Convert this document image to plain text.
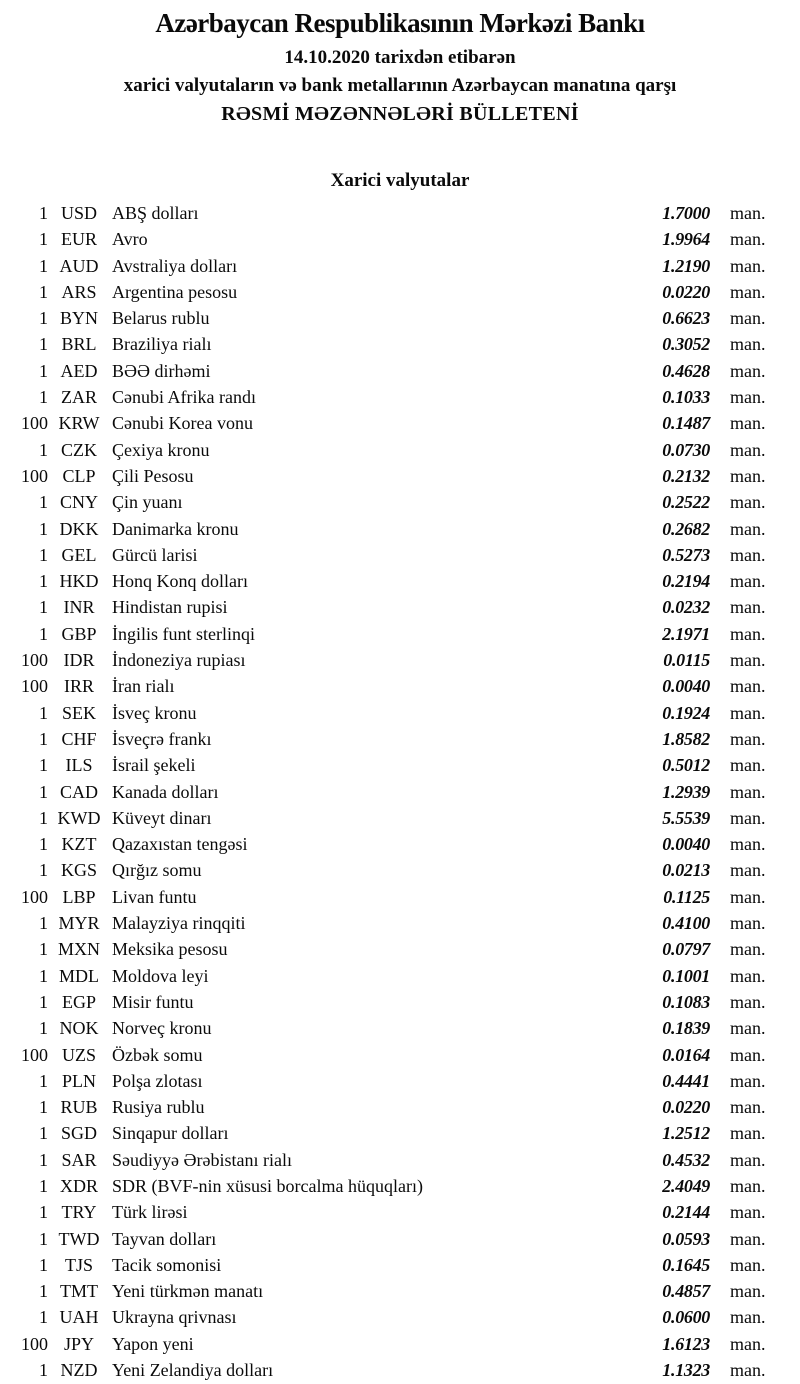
Azərbaycan Respublikasının Mərkəzi Bankı
14.10.2020 tarixdən etibarən
xarici valyutaların və bank metallarının Azərbaycan manatına qarşı
RƏSMİ MƏZƏNNƏLƏRİ BÜLLETENİ
Xarici valyutalar
1 USD ABŞ dolları	1.7000	man.
1 EUR Avro	1.9964	man.
1 AUD Avstraliya dolları	1.2190	man.
1 ARS Argentina pesosu	0.0220	man.
1 BYN Belarus rublu	0.6623	man.
1 BRL Braziliya rialı	0.3052	man.
1 AED BƏƏ dirhəmi	0.4628	man.
1 ZAR Cənubi Afrika randı	0.1033	man.
100 KRW Cənubi Korea vonu	0.1487	man.
1 CZK Çexiya kronu	0.0730	man.
100 CLP Çili Pesosu	0.2132	man.
1 CNY Çin yuanı	0.2522	man.
1 DKK Danimarka kronu	0.2682	man.
1 GEL Gürcü larisi	0.5273	man.
1 HKD Honq Konq dolları	0.2194	man.
1 INR Hindistan rupisi	0.0232	man.
1 GBP İngilis funt sterlinqi	2.1971	man.
100 IDR İndoneziya rupiası	0.0115	man.
100 IRR	İran rialı	0.0040	man.
1 SEK İsveç kronu	0.1924	man.
1 CHF İsveçrə frankı	1.8582	man.
1 ILS	İsrail şekeli	0.5012	man.
1 CAD Kanada dolları	1.2939	man.
1 KWD Küveyt dinarı	5.5539	man.
1 KZT Qazaxıstan tengəsi	0.0040	man.
1 KGS Qırğız somu	0.0213	man.
100 LBP Livan funtu	0.1125	man.
1 MYR Malayziya rinqqiti	0.4100	man.
1 MXN Meksika pesosu	0.0797	man.
1 MDL Moldova leyi	0.1001	man.
1 EGP Misir funtu	0.1083	man.
1 NOK Norveç kronu	0.1839	man.
100 UZS Özbək somu	0.0164	man.
1 PLN Polşa zlotası	0.4441	man.
1 RUB Rusiya rublu	0.0220	man.
1 SGD Sinqapur dolları	1.2512	man.
1 SAR Səudiyyə Ərəbistanı rialı	0.4532	man.
1 XDR SDR (BVF-nin xüsusi borcalma hüquqları)	2.4049	man.
1 TRY Türk lirəsi	0.2144	man.
1 TWD Tayvan dolları	0.0593	man.
1 TJS	Tacik somonisi	0.1645	man.
1 TMT Yeni türkmən manatı	0.4857	man.
1 UAH Ukrayna qrivnası	0.0600	man.
100 JPY	Yapon yeni	1.6123	man.
1 NZD Yeni Zelandiya dolları	1.1323	man.
